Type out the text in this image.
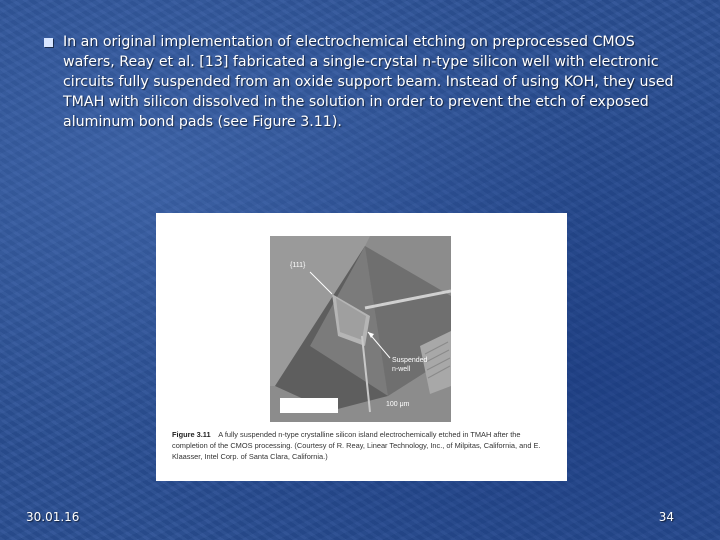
In an original implementation of electrochemical etching on preprocessed CMOS wafers, Reay et al. [13] fabricated a single-crystal n-type silicon well with electronic circuits fully suspended from an oxide support beam. Instead of using KOH, they used TMAH with silicon dissolved in the solution in order to prevent the etch of exposed aluminum bond pads (see Figure 3.11).
{111}
Suspended
n-well
100 μm
Figure 3.11 A fully suspended n-type crystalline silicon island electrochemically etched in TMAH after the completion of the CMOS processing. (Courtesy of R. Reay, Linear Technology, Inc., of Milpitas, California, and E. Klaasser, Intel Corp. of Santa Clara, California.)
30.01.16	34
